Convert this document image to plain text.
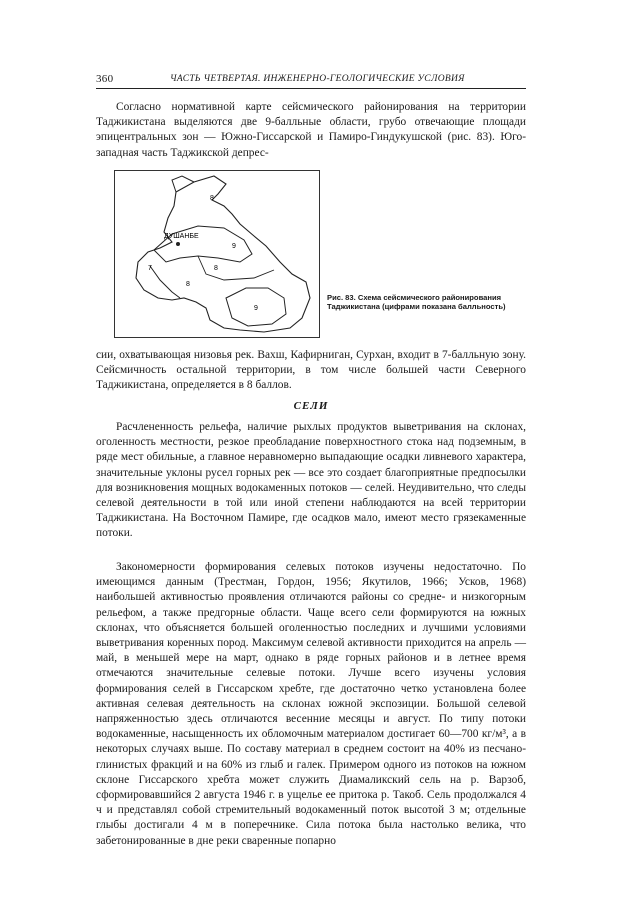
360	ЧАСТЬ ЧЕТВЕРТАЯ. ИНЖЕНЕРНО-ГЕОЛОГИЧЕСКИЕ УСЛОВИЯ

Согласно нормативной карте сейсмического районирования на территории Таджикистана выделяются две 9-балльные области, грубо отвечающие площади эпицентральных зон — Южно-Гиссарской и Памиро-Гиндукушской (рис. 83). Юго-западная часть Таджикской депрес-

ДУШАНБЕ
8
9
7	8
9
8
Рис. 83. Схема сейсмического районирования Таджикистана (цифрами показана балльность)

сии, охватывающая низовья рек. Вахш, Кафирниган, Сурхан, входит в 7-балльную зону. Сейсмичность остальной территории, в том числе большей части Северного Таджикистана, определяется в 8 баллов.

СЕЛИ

Расчлененность рельефа, наличие рыхлых продуктов выветривания на склонах, оголенность местности, резкое преобладание поверхностного стока над подземным, в ряде мест обильные, а главное неравномерно выпадающие осадки ливневого характера, значительные уклоны русел горных рек — все это создает благоприятные предпосылки для возникновения мощных водокаменных потоков — селей. Неудивительно, что следы селевой деятельности в той или иной степени наблюдаются на всей территории Таджикистана. На Восточном Памире, где осадков мало, имеют место грязекаменные потоки.

Закономерности формирования селевых потоков изучены недостаточно. По имеющимся данным (Трестман, Гордон, 1956; Якутилов, 1966; Усков, 1968) наибольшей активностью проявления отличаются районы со средне- и низкогорным рельефом, а также предгорные области. Чаще всего сели формируются на южных склонах, что объясняется большей оголенностью последних и лучшими условиями выветривания коренных пород. Максимум селевой активности приходится на апрель — май, в меньшей мере на март, однако в ряде горных районов и в летнее время отмечаются значительные селевые потоки. Лучше всего изучены условия формирования селей в Гиссарском хребте, где достаточно четко установлена более активная селевая деятельность на склонах южной экспозиции. Большой селевой напряженностью здесь отличаются весенние месяцы и август. По типу потоки водокаменные, насыщенность их обломочным материалом достигает 60—700 кг/м³, а в некоторых случаях выше. По составу материал в среднем состоит на 40% из песчано-глинистых фракций и на 60% из глыб и галек. Примером одного из потоков на южном склоне Гиссарского хребта может служить Диамаликский сель на р. Варзоб, сформировавшийся 2 августа 1946 г. в ущелье ее притока р. Такоб. Сель продолжался 4 ч и представлял собой стремительный водокаменный поток высотой 3 м; отдельные глыбы достигали 4 м в поперечнике. Сила потока была настолько велика, что забетонированные в дне реки сваренные попарно
